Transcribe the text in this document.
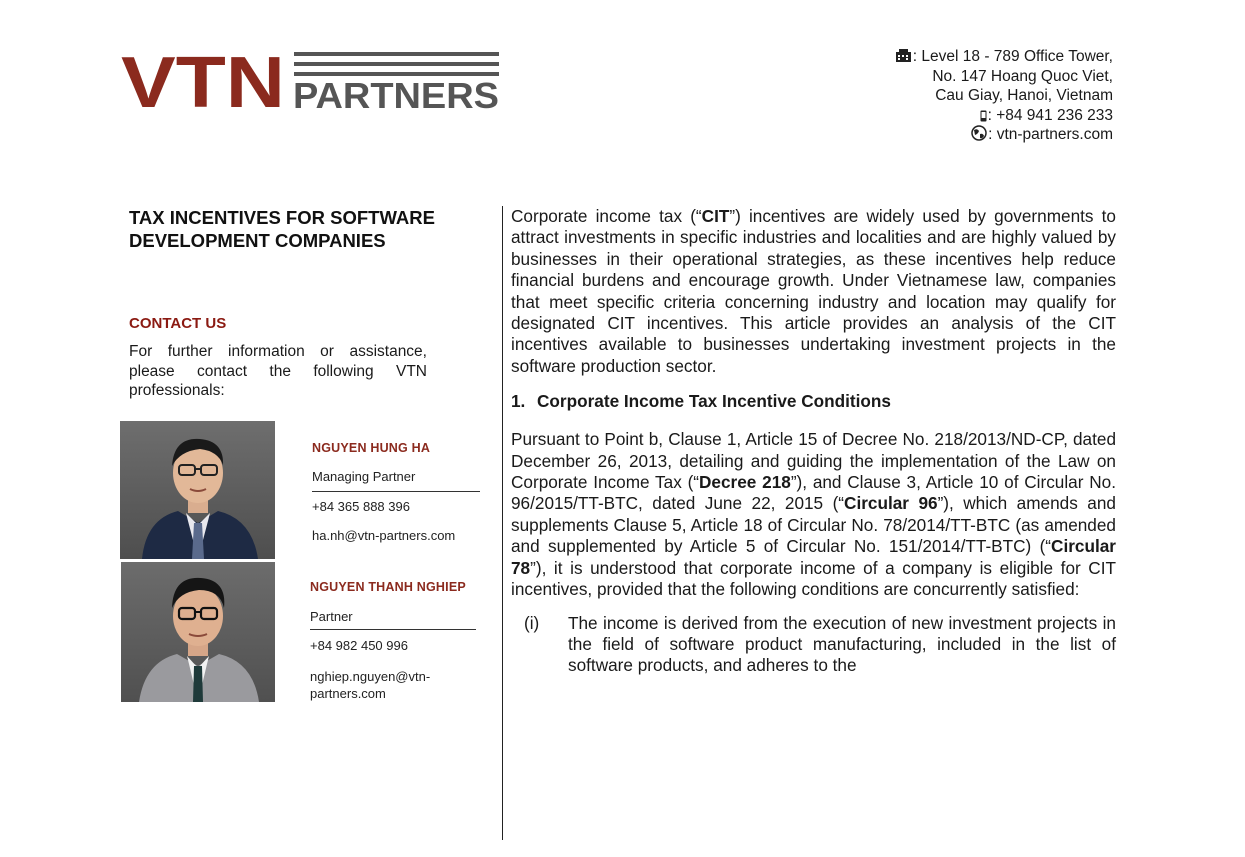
VTN PARTNERS
: Level 18 - 789 Office Tower,
No. 147 Hoang Quoc Viet,
Cau Giay, Hanoi, Vietnam
: +84 941 236 233
: vtn-partners.com
TAX INCENTIVES FOR SOFTWARE DEVELOPMENT COMPANIES
CONTACT US
For further information or assistance, please contact the following VTN professionals:
NGUYEN HUNG HA
Managing Partner
+84 365 888 396
ha.nh@vtn-partners.com
NGUYEN THANH NGHIEP
Partner
+84 982 450 996
nghiep.nguyen@vtn-partners.com

Corporate income tax (“CIT”) incentives are widely used by governments to attract investments in specific industries and localities and are highly valued by businesses in their operational strategies, as these incentives help reduce financial burdens and encourage growth. Under Vietnamese law, companies that meet specific criteria concerning industry and location may qualify for designated CIT incentives. This article provides an analysis of the CIT incentives available to businesses undertaking investment projects in the software production sector.

1. Corporate Income Tax Incentive Conditions

Pursuant to Point b, Clause 1, Article 15 of Decree No. 218/2013/ND-CP, dated December 26, 2013, detailing and guiding the implementation of the Law on Corporate Income Tax (“Decree 218”), and Clause 3, Article 10 of Circular No. 96/2015/TT-BTC, dated June 22, 2015 (“Circular 96”), which amends and supplements Clause 5, Article 18 of Circular No. 78/2014/TT-BTC (as amended and supplemented by Article 5 of Circular No. 151/2014/TT-BTC) (“Circular 78”), it is understood that corporate income of a company is eligible for CIT incentives, provided that the following conditions are concurrently satisfied:

(i)	The income is derived from the execution of new investment projects in the field of software product manufacturing, included in the list of software products, and adheres to the
